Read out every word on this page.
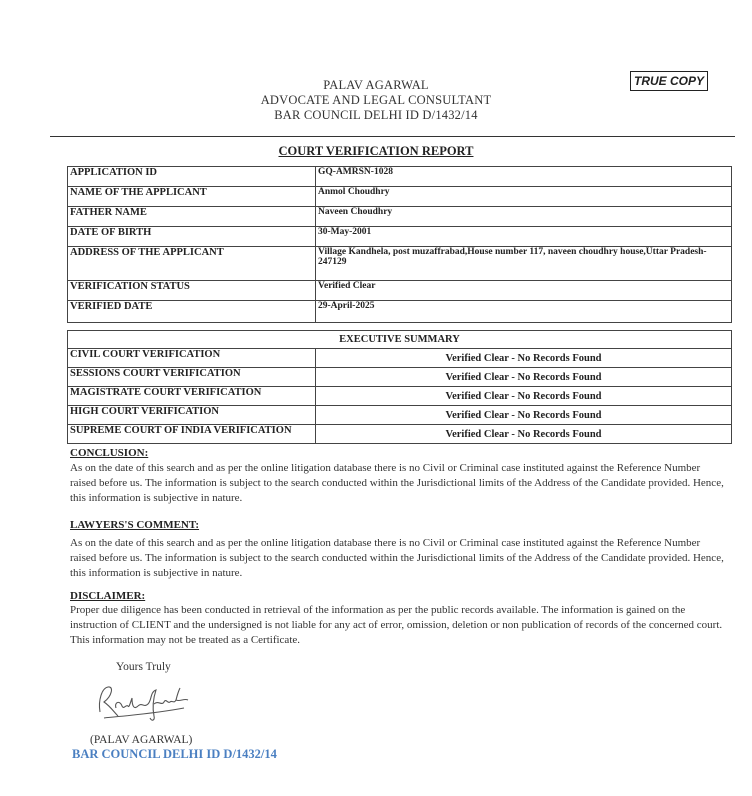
TRUE COPY
PALAV AGARWAL
ADVOCATE AND LEGAL CONSULTANT
BAR COUNCIL DELHI ID D/1432/14
COURT VERIFICATION REPORT
APPLICATION ID	GQ-AMRSN-1028
NAME OF THE APPLICANT	Anmol Choudhry
FATHER NAME	Naveen Choudhry
DATE OF BIRTH	30-May-2001
ADDRESS OF THE APPLICANT	Village Kandhela, post muzaffrabad,House number 117, naveen choudhry house,Uttar Pradesh-247129
VERIFICATION STATUS	Verified Clear
VERIFIED DATE	29-April-2025
EXECUTIVE SUMMARY	
CIVIL COURT VERIFICATION	Verified Clear - No Records Found
SESSIONS COURT VERIFICATION	Verified Clear - No Records Found
MAGISTRATE COURT VERIFICATION	Verified Clear - No Records Found
HIGH COURT VERIFICATION	Verified Clear - No Records Found
SUPREME COURT OF INDIA VERIFICATION	Verified Clear - No Records Found
CONCLUSION:
As on the date of this search and as per the online litigation database there is no Civil or Criminal case instituted against the Reference Number raised before us. The information is subject to the search conducted within the Jurisdictional limits of the Address of the Candidate provided. Hence, this information is subjective in nature.
LAWYERS'S COMMENT:
As on the date of this search and as per the online litigation database there is no Civil or Criminal case instituted against the Reference Number raised before us. The information is subject to the search conducted within the Jurisdictional limits of the Address of the Candidate provided. Hence, this information is subjective in nature.
DISCLAIMER:
Proper due diligence has been conducted in retrieval of the information as per the public records available. The information is gained on the instruction of CLIENT and the undersigned is not liable for any act of error, omission, deletion or non publication of records of the concerned court. This information may not be treated as a Certificate.
Yours Truly
(PALAV AGARWAL)
BAR COUNCIL DELHI ID D/1432/14
